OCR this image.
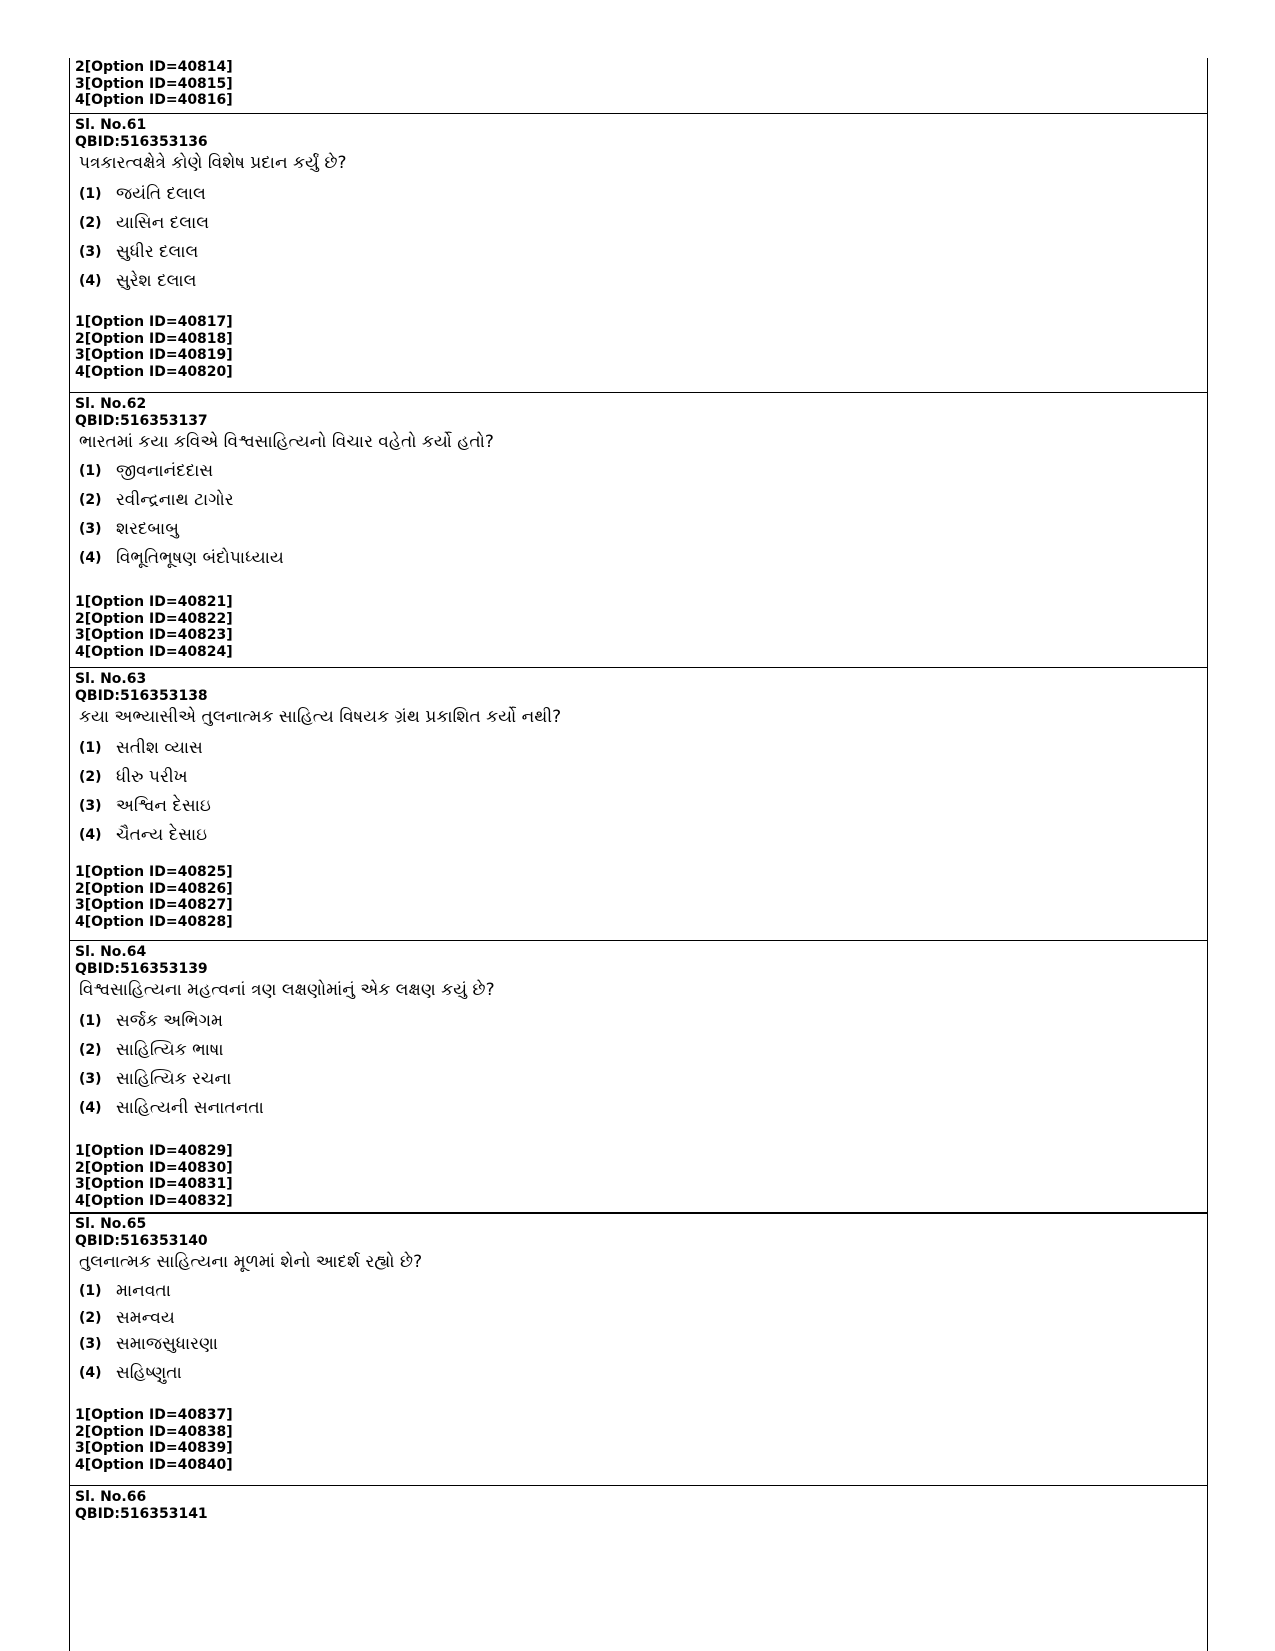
2[Option ID=40814]
3[Option ID=40815]
4[Option ID=40816]
Sl. No.61
QBID:516353136
પત્રકારત્વક્ષેત્રે કોણે વિશેષ પ્રદાન કર્યું છે?
(1) જયંતિ દલાલ
(2) યાસિન દલાલ
(3) સુધીર દલાલ
(4) સુરેશ દલાલ
1[Option ID=40817]
2[Option ID=40818]
3[Option ID=40819]
4[Option ID=40820]
Sl. No.62
QBID:516353137
ભારતમાં કયા કવિએ વિશ્વસાહિત્યનો વિચાર વહેતો કર્યો હતો?
(1) જીવનાનંદદાસ
(2) રવીન્દ્રનાથ ટાગોર
(3) શરદબાબુ
(4) વિભૂતિભૂષણ બંદોપાધ્યાય
1[Option ID=40821]
2[Option ID=40822]
3[Option ID=40823]
4[Option ID=40824]
Sl. No.63
QBID:516353138
કયા અભ્યાસીએ તુલનાત્મક સાહિત્ય વિષયક ગ્રંથ પ્રકાશિત કર્યો નથી?
(1) સતીશ વ્યાસ
(2) ધીરુ પરીખ
(3) અશ્વિન દેસાઇ
(4) ચૈતન્ય દેસાઇ
1[Option ID=40825]
2[Option ID=40826]
3[Option ID=40827]
4[Option ID=40828]
Sl. No.64
QBID:516353139
વિશ્વસાહિત્યના મહત્વનાં ત્રણ લક્ષણોમાંનું એક લક્ષણ કયું છે?
(1) સર્જક અભિગમ
(2) સાહિત્યિક ભાષા
(3) સાહિત્યિક રચના
(4) સાહિત્યની સનાતનતા
1[Option ID=40829]
2[Option ID=40830]
3[Option ID=40831]
4[Option ID=40832]
Sl. No.65
QBID:516353140
તુલનાત્મક સાહિત્યના મૂળમાં શેનો આદર્શ રહ્યો છે?
(1) માનવતા
(2) સમન્વય
(3) સમાજસુધારણા
(4) સહિષ્ણુતા
1[Option ID=40837]
2[Option ID=40838]
3[Option ID=40839]
4[Option ID=40840]
Sl. No.66
QBID:516353141
